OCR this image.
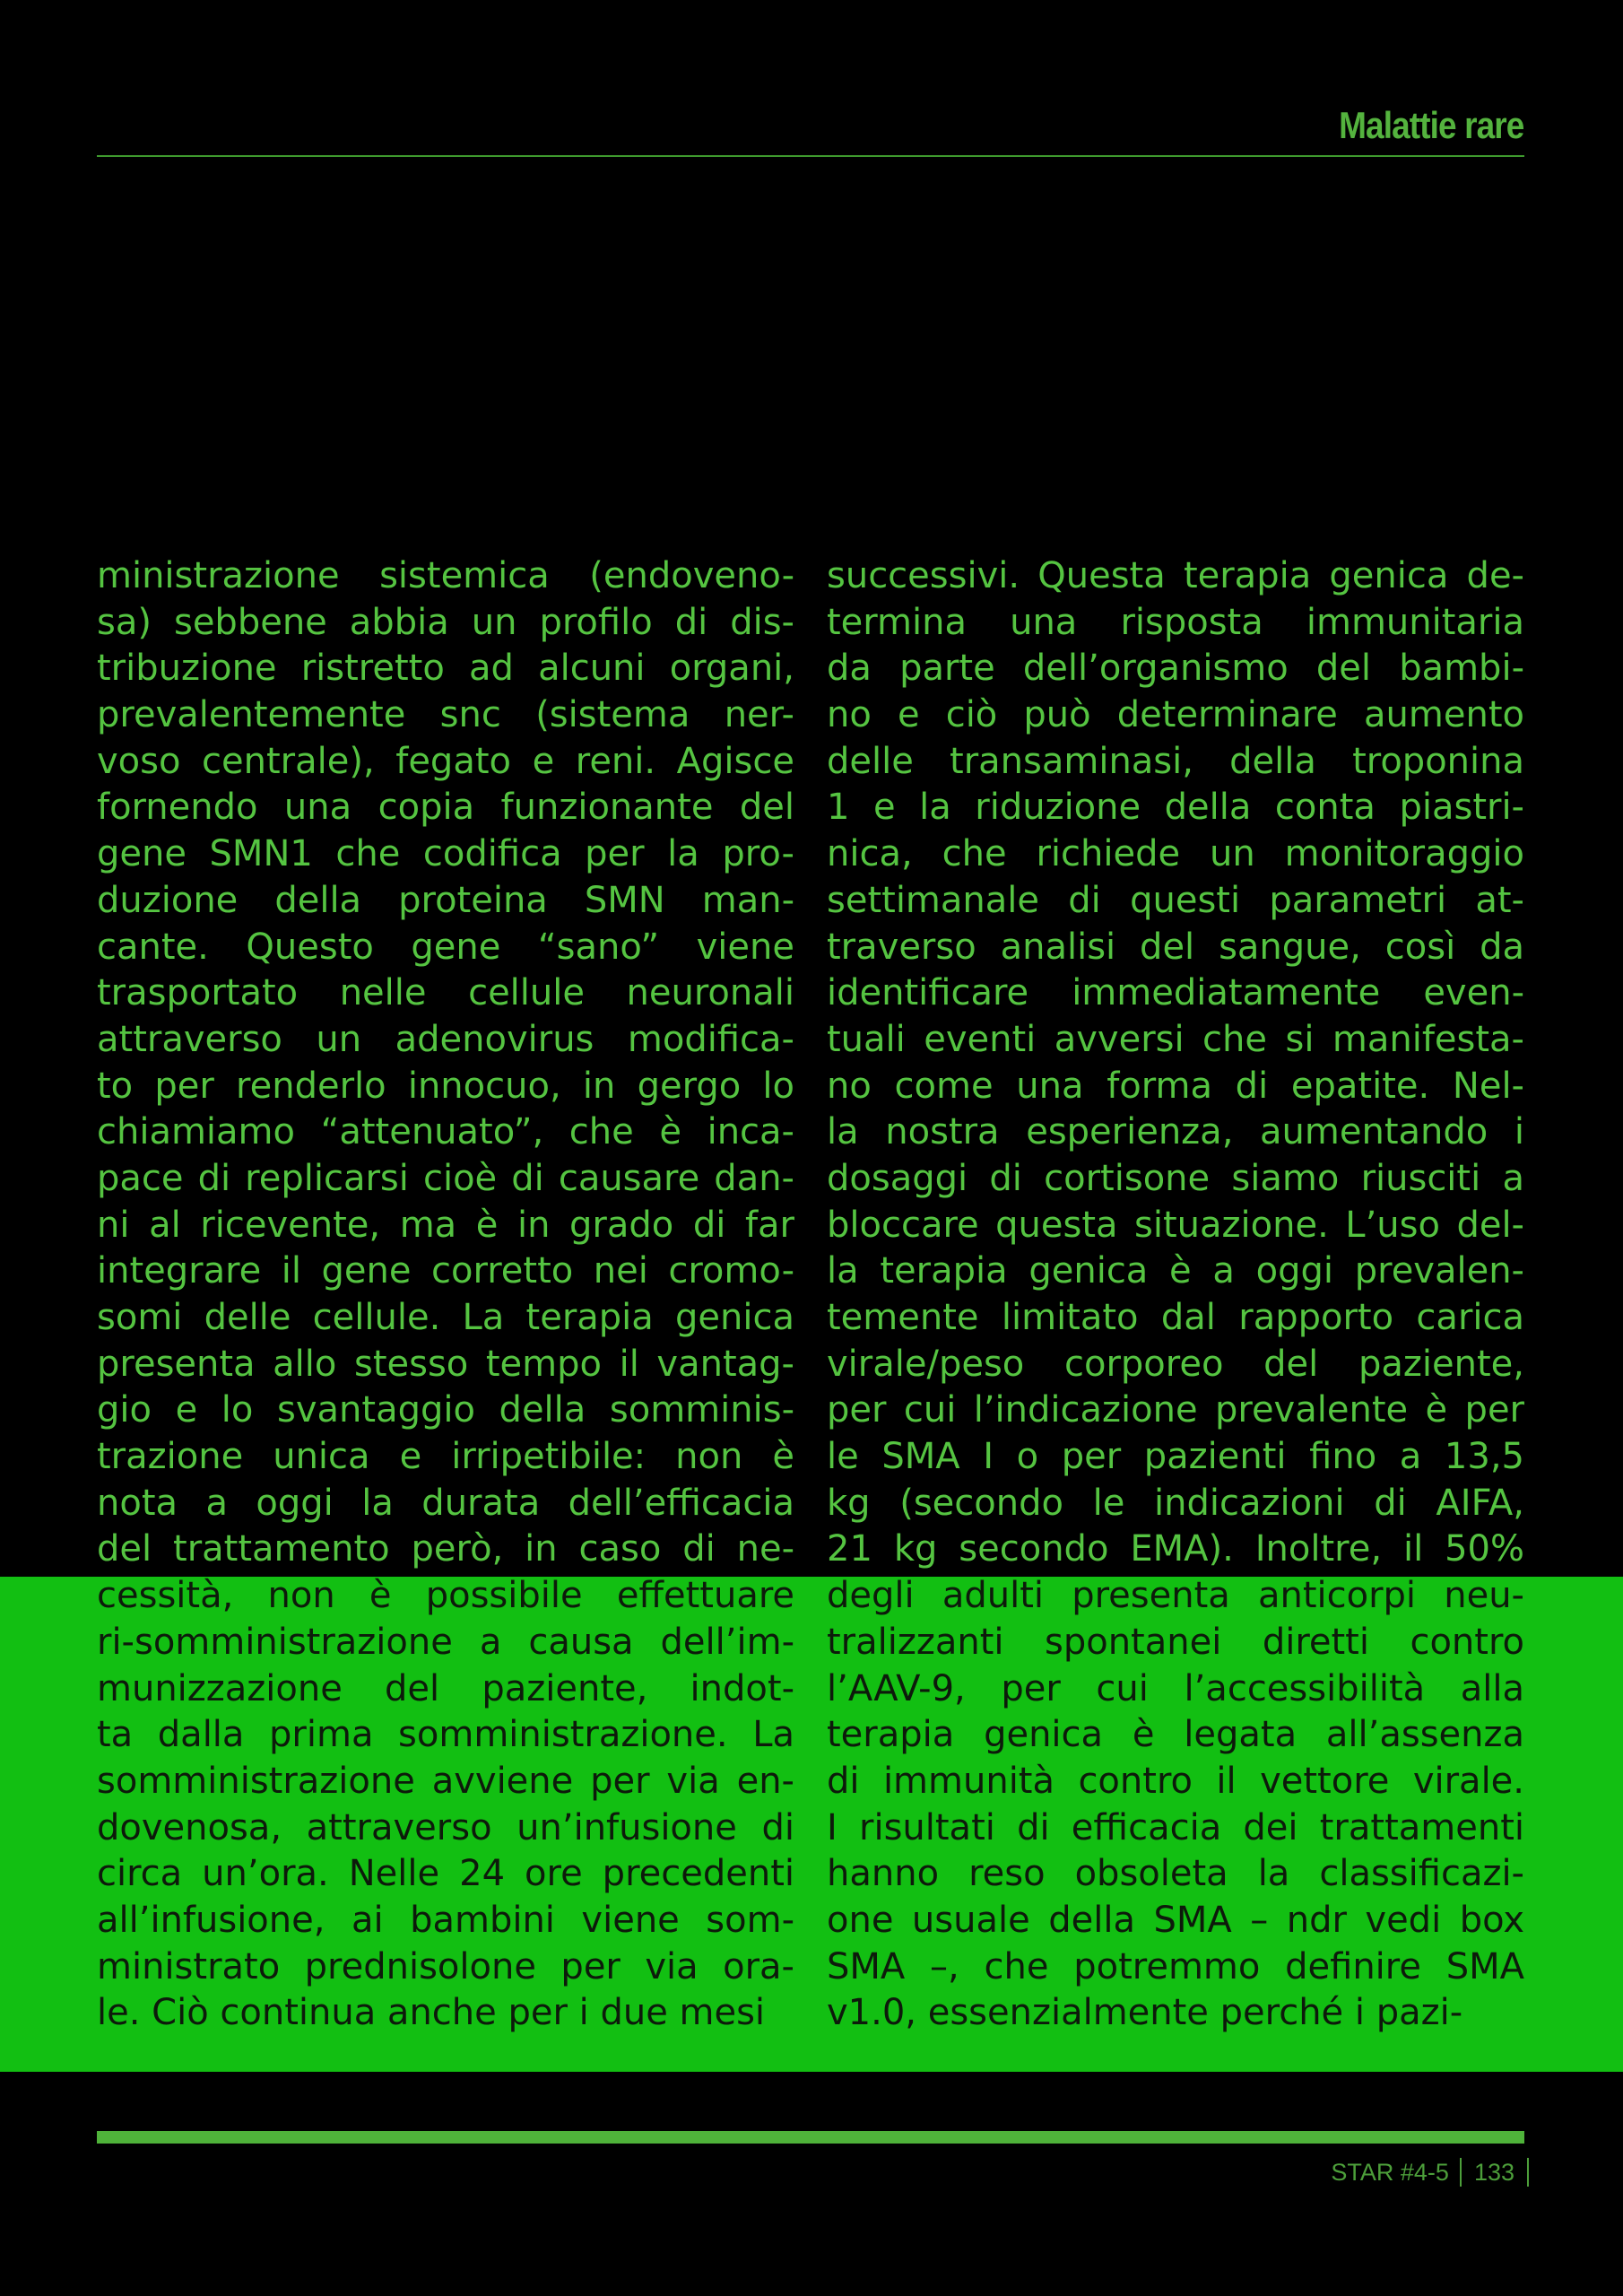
Malattie rare
ministrazione sistemica (endoveno-
sa) sebbene abbia un profilo di dis-
tribuzione ristretto ad alcuni organi,
prevalentemente snc (sistema ner-
voso centrale), fegato e reni. Agisce
fornendo una copia funzionante del
gene SMN1 che codifica per la pro-
duzione della proteina SMN man-
cante. Questo gene “sano” viene
trasportato nelle cellule neuronali
attraverso un adenovirus modifica-
to per renderlo innocuo, in gergo lo
chiamiamo “attenuato”, che è inca-
pace di replicarsi cioè di causare dan-
ni al ricevente, ma è in grado di far
integrare il gene corretto nei cromo-
somi delle cellule. La terapia genica
presenta allo stesso tempo il vantag-
gio e lo svantaggio della somminis-
trazione unica e irripetibile: non è
nota a oggi la durata dell’efficacia
del trattamento però, in caso di ne-
cessità, non è possibile effettuare
ri-somministrazione a causa dell’im-
munizzazione del paziente, indot-
ta dalla prima somministrazione. La
somministrazione avviene per via en-
dovenosa, attraverso un’infusione di
circa un’ora. Nelle 24 ore precedenti
all’infusione, ai bambini viene som-
ministrato prednisolone per via ora-
le. Ciò continua anche per i due mesi
successivi. Questa terapia genica de-
termina una risposta immunitaria
da parte dell’organismo del bambi-
no e ciò può determinare aumento
delle transaminasi, della troponina
1 e la riduzione della conta piastri-
nica, che richiede un monitoraggio
settimanale di questi parametri at-
traverso analisi del sangue, così da
identificare immediatamente even-
tuali eventi avversi che si manifesta-
no come una forma di epatite. Nel-
la nostra esperienza, aumentando i
dosaggi di cortisone siamo riusciti a
bloccare questa situazione. L’uso del-
la terapia genica è a oggi prevalen-
temente limitato dal rapporto carica
virale/peso corporeo del paziente,
per cui l’indicazione prevalente è per
le SMA I o per pazienti fino a 13,5
kg (secondo le indicazioni di AIFA,
21 kg secondo EMA). Inoltre, il 50%
degli adulti presenta anticorpi neu-
tralizzanti spontanei diretti contro
l’AAV-9, per cui l’accessibilità alla
terapia genica è legata all’assenza
di immunità contro il vettore virale.
I risultati di efficacia dei trattamenti
hanno reso obsoleta la classificazi-
one usuale della SMA – ndr vedi box
SMA –, che potremmo definire SMA
v1.0, essenzialmente perché i pazi-
STAR #4-5 133
